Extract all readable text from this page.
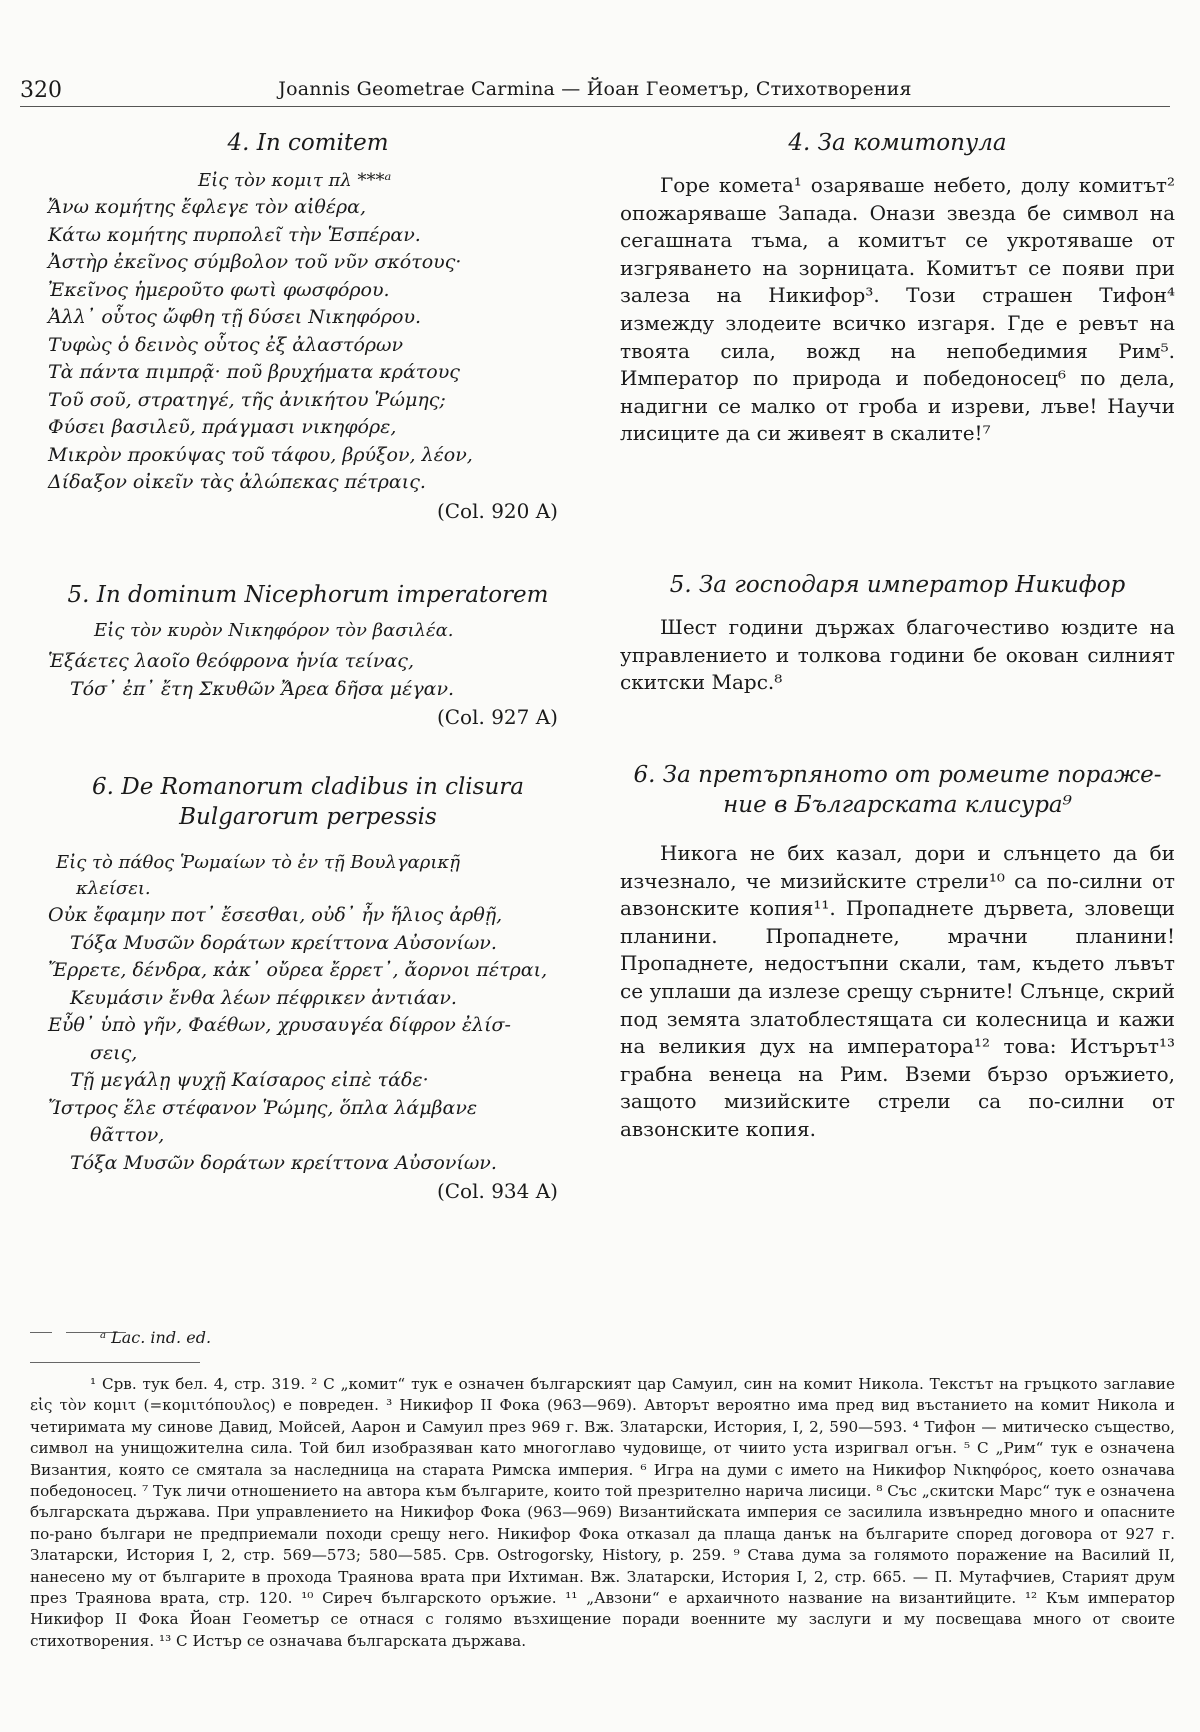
320	Joannis Geometrae Carmina — Йоан Геометър, Стихотворения
4. In comitem
Εἰς τὸν κομιτ πλ ***ᵃ
Ἄνω κομήτης ἔφλεγε τὸν αἰθέρα,
Κάτω κομήτης πυρπολεῖ τὴν Ἑσπέραν.
Ἀστὴρ ἐκεῖνος σύμβολον τοῦ νῦν σκότους·
Ἐκεῖνος ἡμεροῦτο φωτὶ φωσφόρου.
Ἀλλ᾿ οὗτος ὤφθη τῇ δύσει Νικηφόρου.
Τυφὼς ὁ δεινὸς οὗτος ἐξ ἀλαστόρων
Τὰ πάντα πιμπρᾷ· ποῦ βρυχήματα κράτους
Τοῦ σοῦ, στρατηγέ, τῆς ἀνικήτου Ῥώμης;
Φύσει βασιλεῦ, πράγμασι νικηφόρε,
Μικρὸν προκύψας τοῦ τάφου, βρύξον, λέον,
Δίδαξον οἰκεῖν τὰς ἀλώπεκας πέτραις.
(Col. 920 A)
5. In dominum Nicephorum imperatorem
Εἰς τὸν κυρὸν Νικηφόρον τὸν βασιλέα.
Ἑξάετες λαοῖο θεόφρονα ἡνία τείνας,
Τόσ᾿ ἐπ᾿ ἔτη Σκυθῶν Ἄρεα δῆσα μέγαν.
(Col. 927 A)
6. De Romanorum cladibus in clisura
Bulgarorum perpessis
Εἰς τὸ πάθος Ῥωμαίων τὸ ἐν τῇ Βουλγαρικῇ
κλείσει.
Οὐκ ἔφαμην ποτ᾿ ἔσεσθαι, οὐδ᾿ ἦν ἥλιος ἀρθῇ,
Τόξα Μυσῶν δοράτων κρείττονα Αὐσονίων.
Ἔρρετε, δένδρα, κἀκ᾿ οὔρεα ἔρρετ᾿, ἄορνοι πέτραι,
Κευμάσιν ἔνθα λέων πέφρικεν ἀντιάαν.
Εὖθ᾿ ὑπὸ γῆν, Φαέθων, χρυσαυγέα δίφρον ἐλίσ-
σεις,
Τῇ μεγάλῃ ψυχῇ Καίσαρος εἰπὲ τάδε·
Ἴστρος ἕλε στέφανον Ῥώμης, ὅπλα λάμβανε
θᾶττον,
Τόξα Μυσῶν δοράτων κρείττονα Αὐσονίων.
(Col. 934 A)
4. За комитопула

Горе комета¹ озаряваше небето, долу комитът² опожаряваше Запада. Онази звезда бе символ на сегашната тъма, а комитът се укротяваше от изгряването на зорницата. Комитът се появи при залеза на Никифор³. Този страшен Тифон⁴ измежду злодеите всичко изгаря. Где е ревът на твоята сила, вожд на непобедимия Рим⁵. Император по природа и победоносец⁶ по дела, надигни се малко от гроба и изреви, лъве! Научи лисиците да си живеят в скалите!⁷

5. За господаря император Никифор

Шест години държах благочестиво юздите на управлението и толкова години бе окован силният скитски Марс.⁸

6. За претърпяното от ромеите пораже-
ние в Българската клисура⁹

Никога не бих казал, дори и слънцето да би изчезнало, че мизийските стрели¹⁰ са по-силни от авзонските копия¹¹. Пропаднете дървета, зловещи планини. Пропаднете, мрачни планини! Пропаднете, недостъпни скали, там, където лъвът се уплаши да излезе срещу сърните! Слънце, скрий под земята златоблестящата си колесница и кажи на великия дух на императора¹² това: Истърът¹³ грабна венеца на Рим. Вземи бързо оръжието, защото мизийските стрели са по-силни от авзонските копия.

ᵃ Lac. ind. ed.

¹ Срв. тук бел. 4, стр. 319. ² С „комит“ тук е означен българският цар Самуил, син на комит Никола. Текстът на гръцкото заглавие εἰς τὸν κομιτ (=κομιτόπουλος) е повреден. ³ Никифор II Фока (963—969). Авторът вероятно има пред вид въстанието на комит Никола и четиримата му синове Давид, Мойсей, Аарон и Самуил през 969 г. Вж. Златарски, История, I, 2, 590—593. ⁴ Тифон — митическо същество, символ на унищожителна сила. Той бил изобразяван като многоглаво чудовище, от чиито уста изригвал огън. ⁵ С „Рим“ тук е означена Византия, която се смятала за наследница на старата Римска империя. ⁶ Игра на думи с името на Никифор Νικηφόρος, което означава победоносец. ⁷ Тук личи отношението на автора към българите, които той презрително нарича лисици. ⁸ Със „скитски Марс“ тук е означена българската държава. При управлението на Никифор Фока (963—969) Византийската империя се засилила извънредно много и опасните по-рано българи не предприемали походи срещу него. Никифор Фока отказал да плаща данък на българите според договора от 927 г. Златарски, История I, 2, стр. 569—573; 580—585. Срв. Ostrogorsky, History, p. 259. ⁹ Става дума за голямото поражение на Василий II, нанесено му от българите в прохода Траянова врата при Ихтиман. Вж. Златарски, История I, 2, стр. 665. — П. Мутафчиев, Старият друм през Траянова врата, стр. 120. ¹⁰ Сиреч българското оръжие. ¹¹ „Авзони“ е архаичното название на византийците. ¹² Към император Никифор II Фока Йоан Геометър се отнася с голямо възхищение поради военните му заслуги и му посвещава много от своите стихотворения. ¹³ С Истър се означава българската държава.
